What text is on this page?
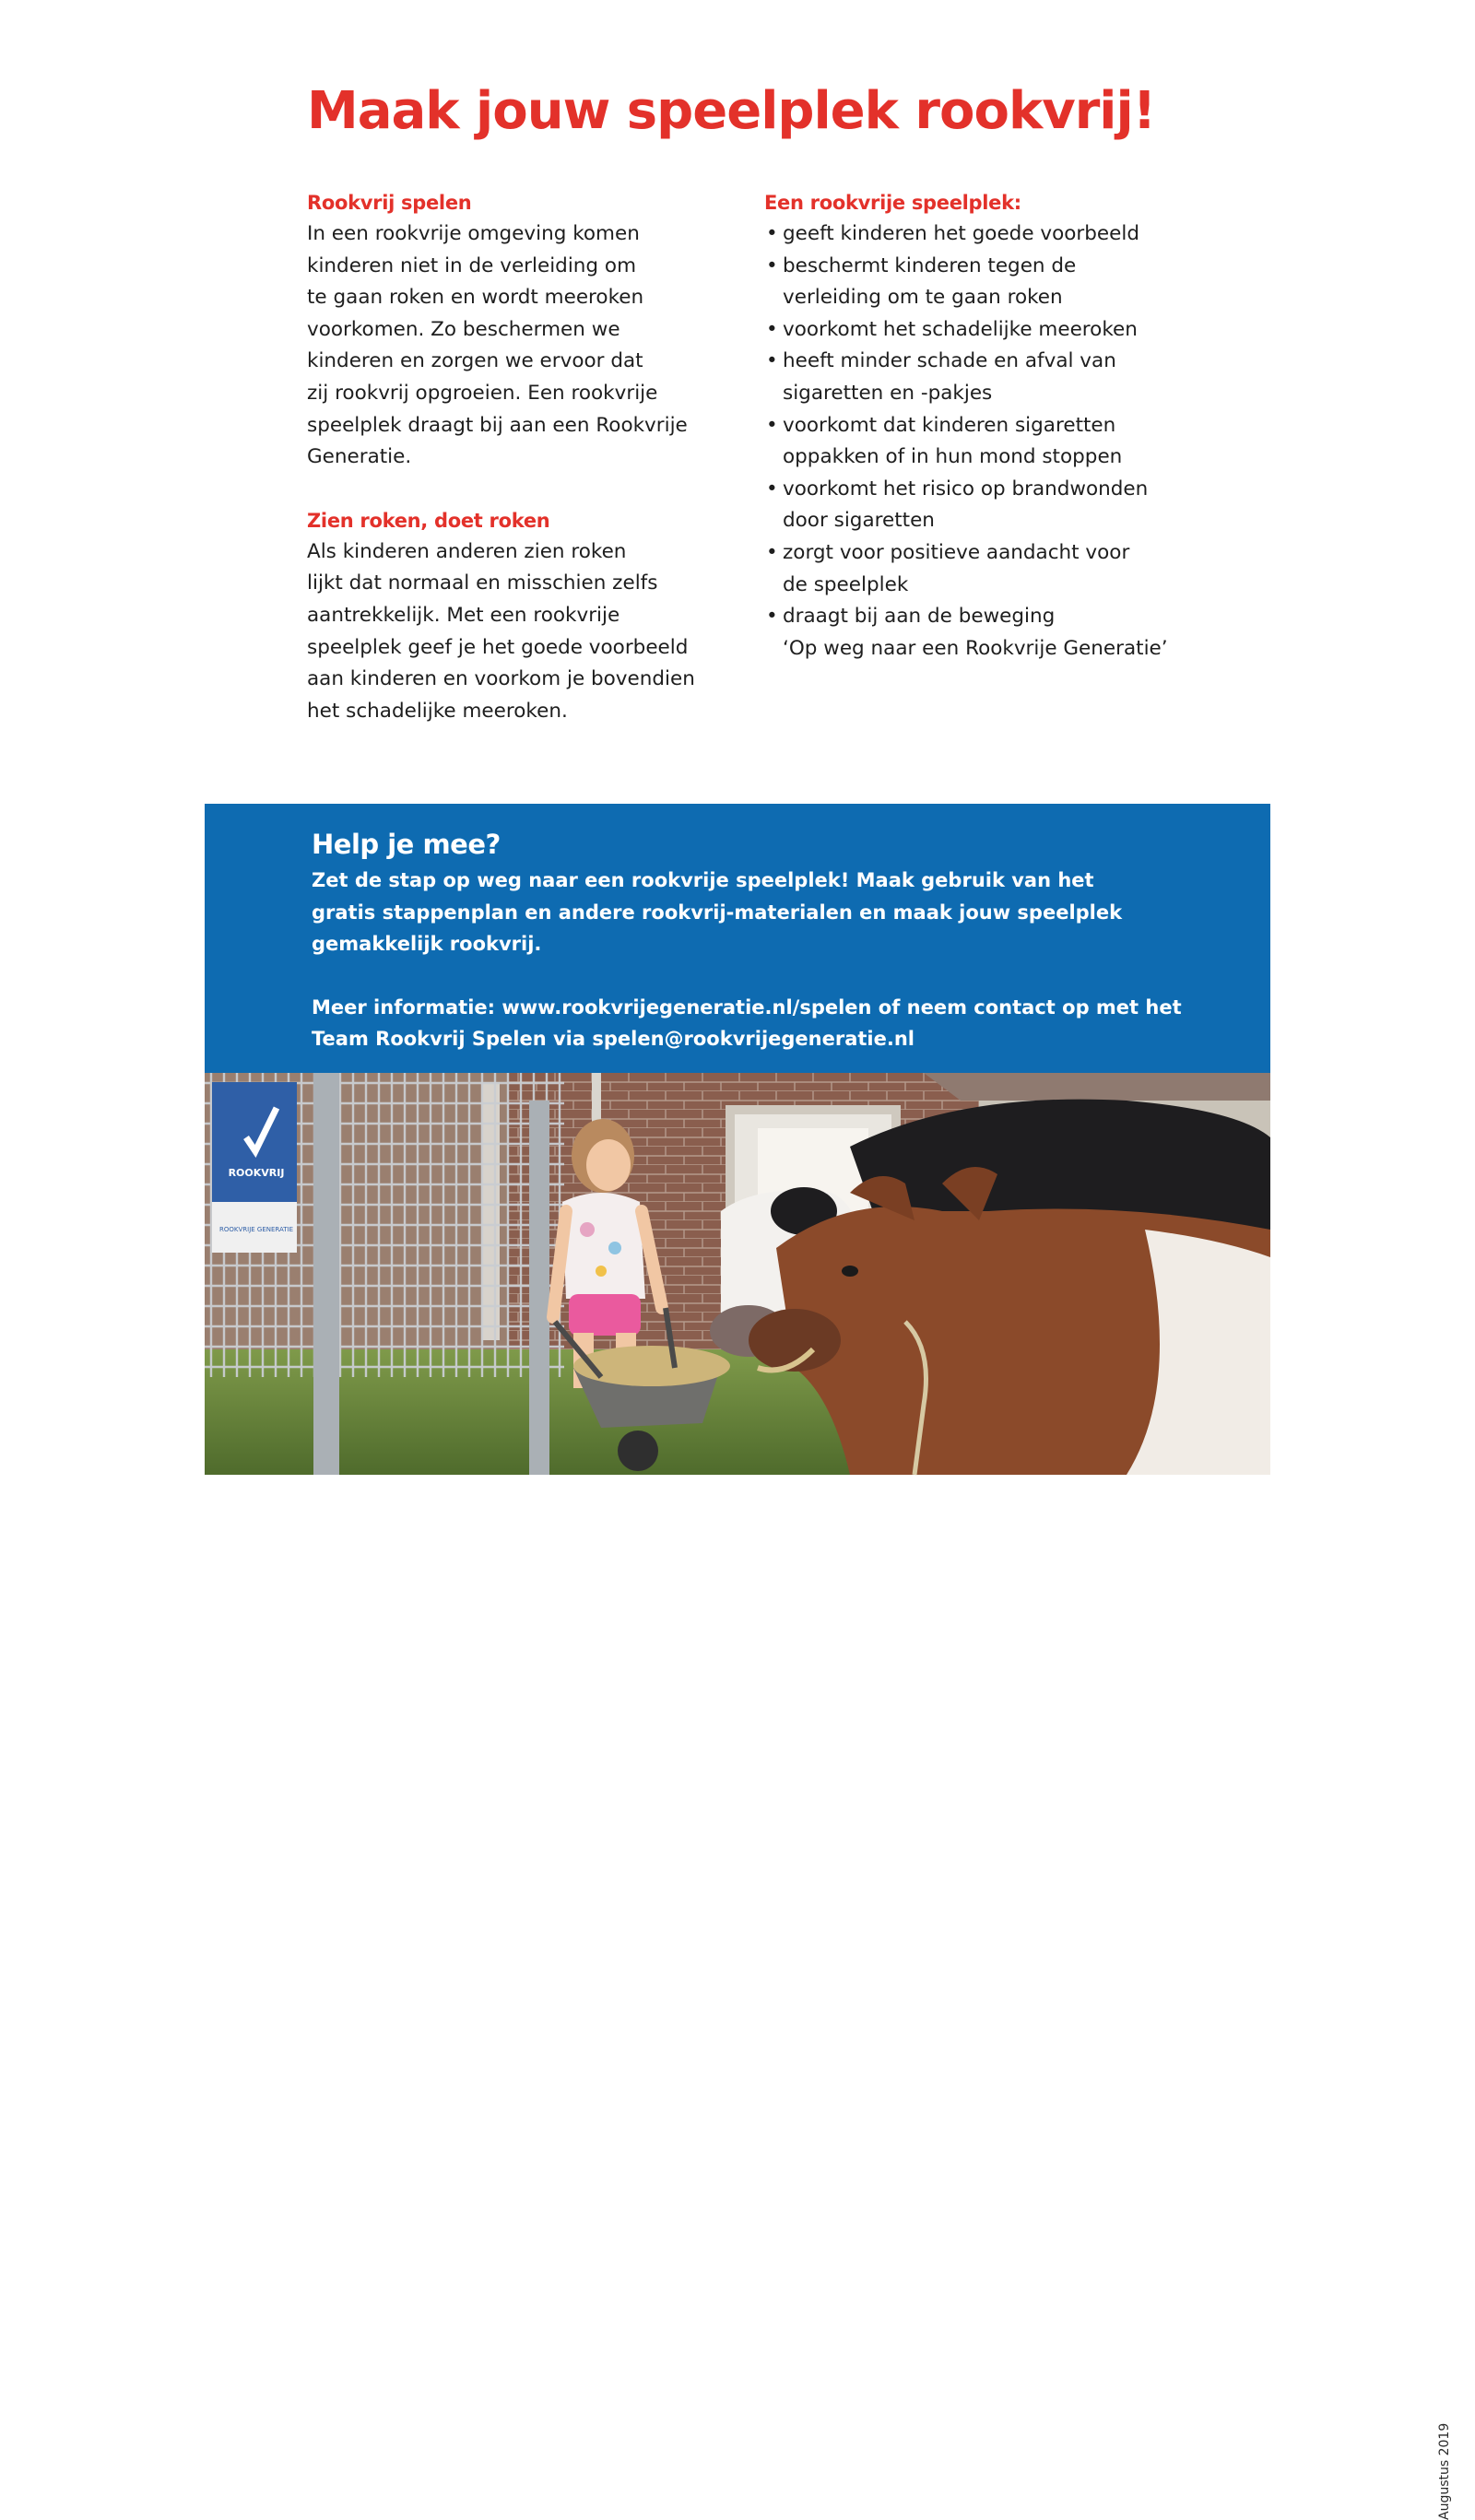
Maak jouw speelplek rookvrij!
Rookvrij spelen

In een rookvrije omgeving komen
kinderen niet in de verleiding om
te gaan roken en wordt meeroken
voorkomen. Zo beschermen we
kinderen en zorgen we ervoor dat
zij rookvrij opgroeien. Een rookvrije
speelplek draagt bij aan een Rookvrije
Generatie.

Zien roken, doet roken

Als kinderen anderen zien roken
lijkt dat normaal en misschien zelfs
aantrekkelijk. Met een rookvrije
speelplek geef je het goede voorbeeld
aan kinderen en voorkom je bovendien
het schadelijke meeroken.

Een rookvrije speelplek:
• geeft kinderen het goede voorbeeld
• beschermt kinderen tegen de
verleiding om te gaan roken
• voorkomt het schadelijke meeroken
• heeft minder schade en afval van
sigaretten en -pakjes
• voorkomt dat kinderen sigaretten
oppakken of in hun mond stoppen
• voorkomt het risico op brandwonden
door sigaretten
• zorgt voor positieve aandacht voor
de speelplek
• draagt bij aan de beweging
‘Op weg naar een Rookvrije Generatie’
Help je mee?

Zet de stap op weg naar een rookvrije speelplek! Maak gebruik van het
gratis stappenplan en andere rookvrij-materialen en maak jouw speelplek
gemakkelijk rookvrij.

Meer informatie: www.rookvrijegeneratie.nl/spelen of neem contact op met het
Team Rookvrij Spelen via spelen@rookvrijegeneratie.nl

ROOKVRIJ
ROOKVRIJE GENERATIE
Augustus 2019
